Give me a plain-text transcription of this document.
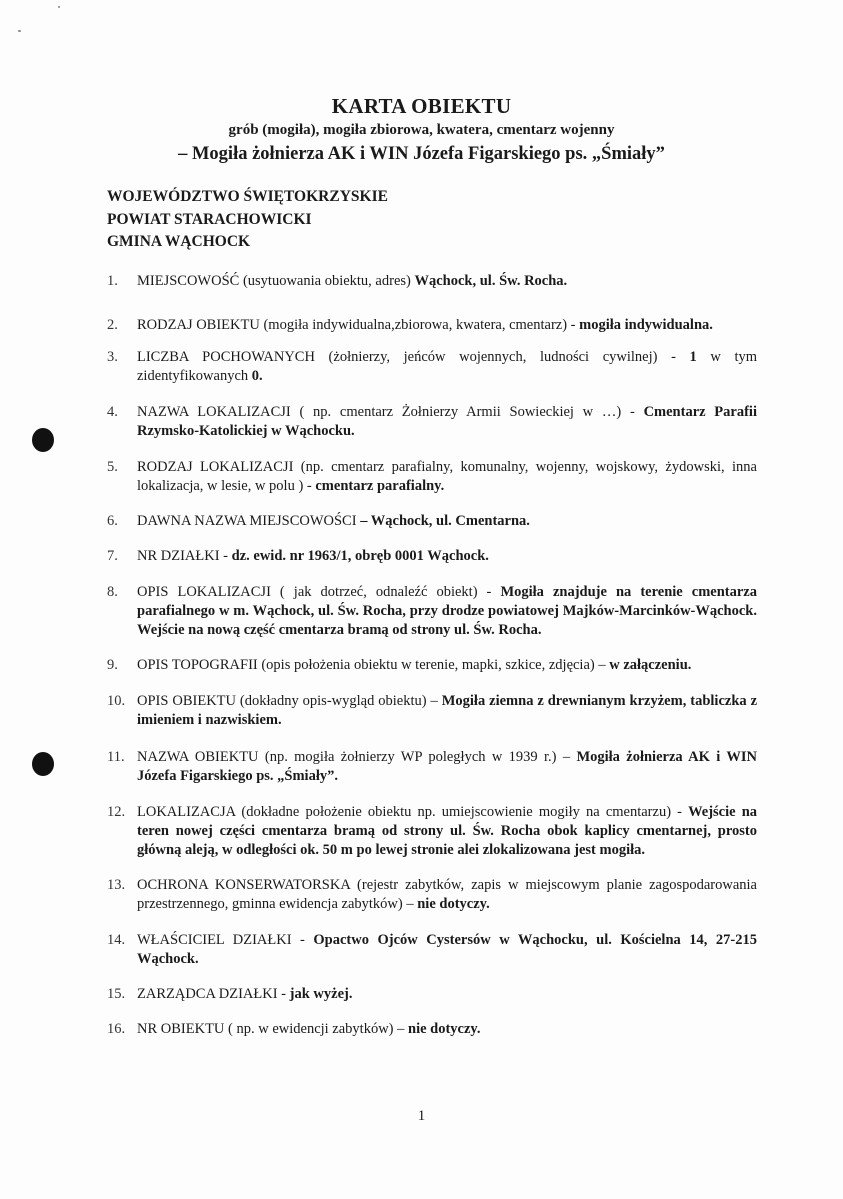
KARTA OBIEKTU
grób (mogiła), mogiła zbiorowa, kwatera, cmentarz wojenny
– Mogiła żołnierza AK i WIN Józefa Figarskiego ps. „Śmiały”
WOJEWÓDZTWO ŚWIĘTOKRZYSKIE
POWIAT STARACHOWICKI
GMINA WĄCHOCK
1.	MIEJSCOWOŚĆ (usytuowania obiektu, adres) Wąchock, ul. Św. Rocha.
2.	RODZAJ OBIEKTU (mogiła indywidualna,zbiorowa, kwatera, cmentarz) - mogiła indywidualna.
3.	LICZBA POCHOWANYCH (żołnierzy, jeńców wojennych, ludności cywilnej) - 1 w tym zidentyfikowanych 0.
4.	NAZWA LOKALIZACJI ( np. cmentarz Żołnierzy Armii Sowieckiej w …) - Cmentarz Parafii Rzymsko-Katolickiej w Wąchocku.
5.	RODZAJ LOKALIZACJI (np. cmentarz parafialny, komunalny, wojenny, wojskowy, żydowski, inna lokalizacja, w lesie, w polu ) - cmentarz parafialny.
6.	DAWNA NAZWA MIEJSCOWOŚCI – Wąchock, ul. Cmentarna.
7.	NR DZIAŁKI - dz. ewid. nr 1963/1, obręb 0001 Wąchock.
8.	OPIS LOKALIZACJI ( jak dotrzeć, odnaleźć obiekt) - Mogiła znajduje na terenie cmentarza parafialnego w m. Wąchock, ul. Św. Rocha, przy drodze powiatowej Majków-Marcinków-Wąchock. Wejście na nową część cmentarza bramą od strony ul. Św. Rocha.
9.	OPIS TOPOGRAFII (opis położenia obiektu w terenie, mapki, szkice, zdjęcia) – w załączeniu.
10. OPIS OBIEKTU (dokładny opis-wygląd obiektu) – Mogiła ziemna z drewnianym krzyżem, tabliczka z imieniem i nazwiskiem.
11. NAZWA OBIEKTU (np. mogiła żołnierzy WP poległych w 1939 r.) – Mogiła żołnierza AK i WIN Józefa Figarskiego ps. „Śmiały”.
12. LOKALIZACJA (dokładne położenie obiektu np. umiejscowienie mogiły na cmentarzu) - Wejście na teren nowej części cmentarza bramą od strony ul. Św. Rocha obok kaplicy cmentarnej, prosto główną aleją, w odległości ok. 50 m po lewej stronie alei zlokalizowana jest mogiła.
13. OCHRONA KONSERWATORSKA (rejestr zabytków, zapis w miejscowym planie zagospodarowania przestrzennego, gminna ewidencja zabytków) – nie dotyczy.
14. WŁAŚCICIEL DZIAŁKI - Opactwo Ojców Cystersów w Wąchocku, ul. Kościelna 14, 27-215 Wąchock.
15. ZARZĄDCA DZIAŁKI - jak wyżej.
16. NR OBIEKTU ( np. w ewidencji zabytków) – nie dotyczy.
1
